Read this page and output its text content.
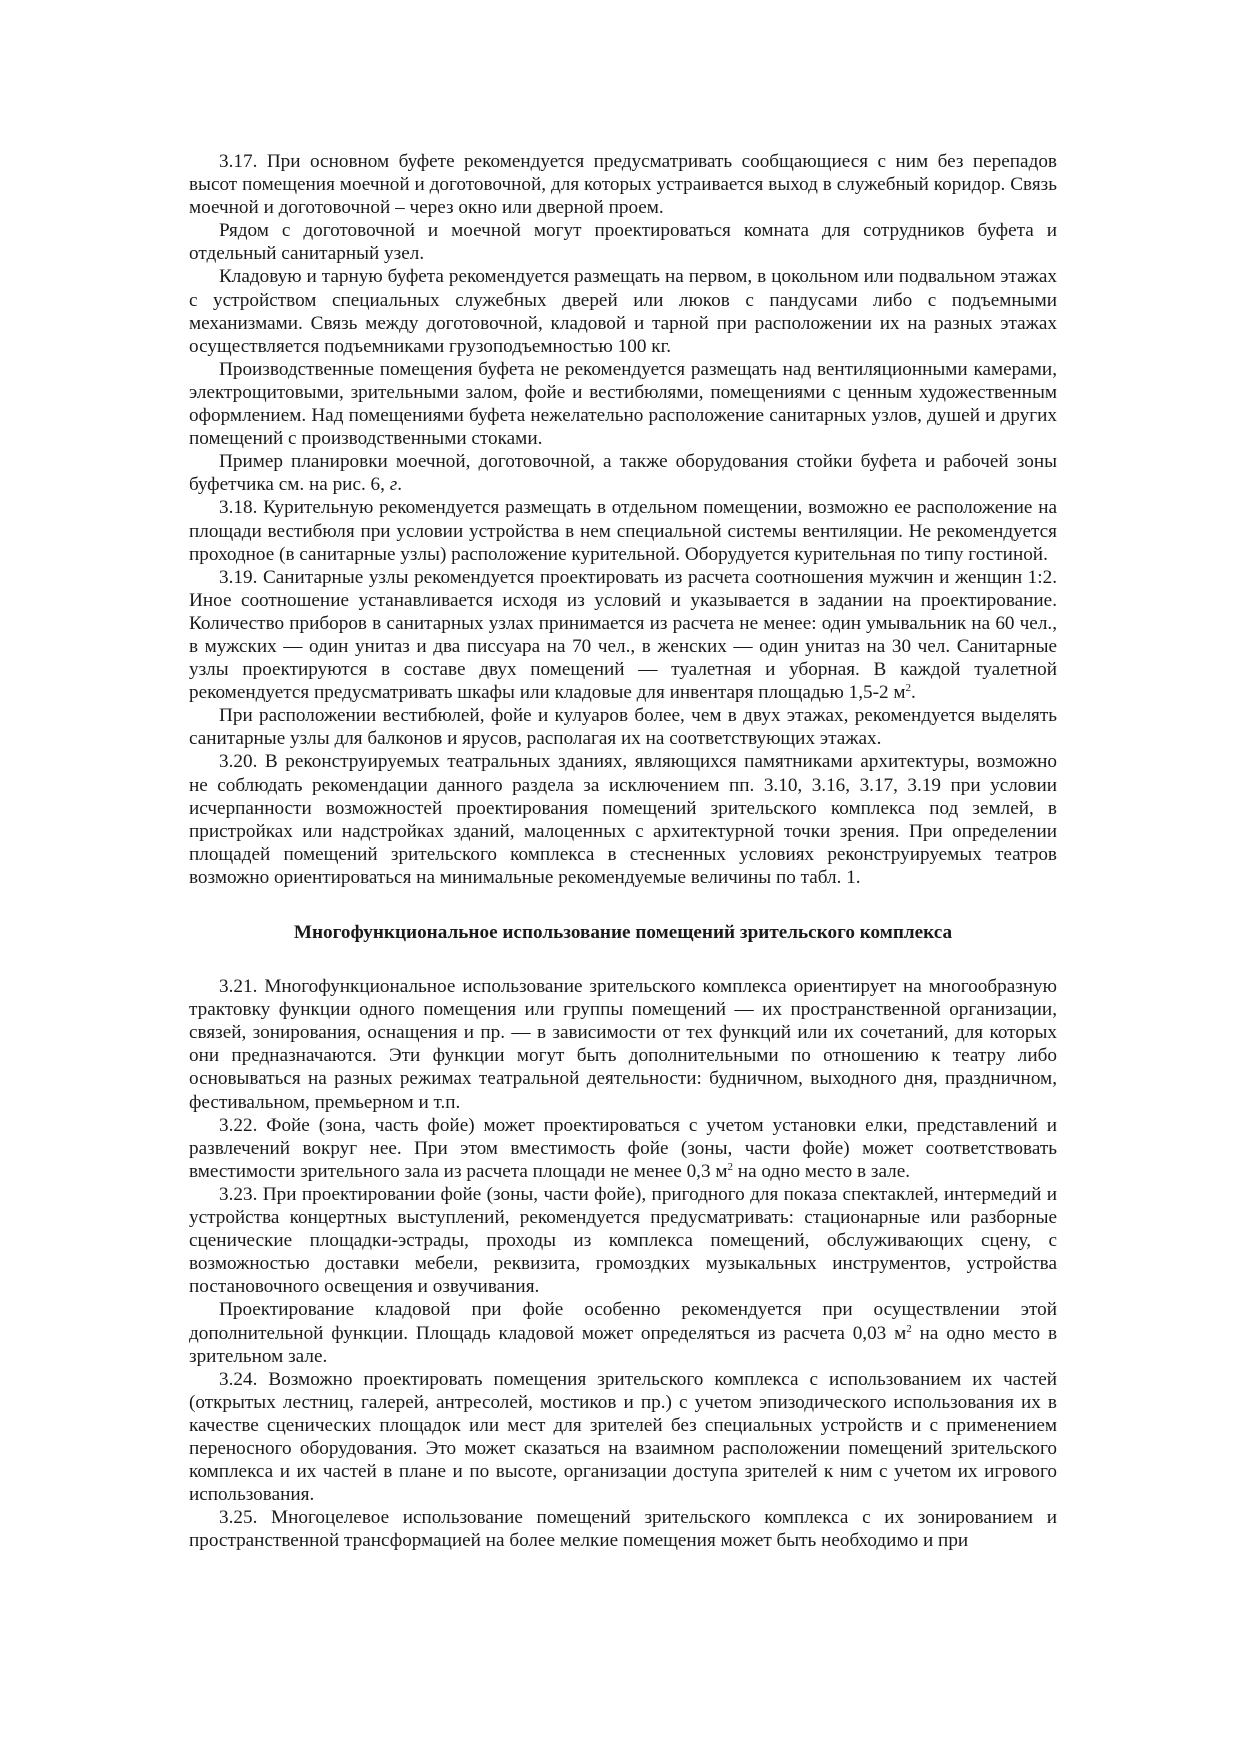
3.17. При основном буфете рекомендуется предусматривать сообщающиеся с ним без перепадов высот помещения моечной и доготовочной, для которых устраивается выход в служебный коридор. Связь моечной и доготовочной – через окно или дверной проем.

Рядом с доготовочной и моечной могут проектироваться комната для сотрудников буфета и отдельный санитарный узел.

Кладовую и тарную буфета рекомендуется размещать на первом, в цокольном или подвальном этажах с устройством специальных служебных дверей или люков с пандусами либо с подъемными механизмами. Связь между доготовочной, кладовой и тарной при расположении их на разных этажах осуществляется подъемниками грузоподъемностью 100 кг.

Производственные помещения буфета не рекомендуется размещать над вентиляционными камерами, электрощитовыми, зрительными залом, фойе и вестибюлями, помещениями с ценным художественным оформлением. Над помещениями буфета нежелательно расположение санитарных узлов, душей и других помещений с производственными стоками.

Пример планировки моечной, доготовочной, а также оборудования стойки буфета и рабочей зоны буфетчика см. на рис. 6, г.

3.18. Курительную рекомендуется размещать в отдельном помещении, возможно ее расположение на площади вестибюля при условии устройства в нем специальной системы вентиляции. Не рекомендуется проходное (в санитарные узлы) расположение курительной. Оборудуется курительная по типу гостиной.

3.19. Санитарные узлы рекомендуется проектировать из расчета соотношения мужчин и женщин 1:2. Иное соотношение устанавливается исходя из условий и указывается в задании на проектирование. Количество приборов в санитарных узлах принимается из расчета не менее: один умывальник на 60 чел., в мужских — один унитаз и два писсуара на 70 чел., в женских — один унитаз на 30 чел. Санитарные узлы проектируются в составе двух помещений — туалетная и уборная. В каждой туалетной рекомендуется предусматривать шкафы или кладовые для инвентаря площадью 1,5-2 $м^2$.

При расположении вестибюлей, фойе и кулуаров более, чем в двух этажах, рекомендуется выделять санитарные узлы для балконов и ярусов, располагая их на соответствующих этажах.

3.20. В реконструируемых театральных зданиях, являющихся памятниками архитектуры, возможно не соблюдать рекомендации данного раздела за исключением пп. 3.10, 3.16, 3.17, 3.19 при условии исчерпанности возможностей проектирования помещений зрительского комплекса под землей, в пристройках или надстройках зданий, малоценных с архитектурной точки зрения. При определении площадей помещений зрительского комплекса в стесненных условиях реконструируемых театров возможно ориентироваться на минимальные рекомендуемые величины по табл. 1.

Многофункциональное использование помещений зрительского комплекса

3.21. Многофункциональное использование зрительского комплекса ориентирует на многообразную трактовку функции одного помещения или группы помещений — их пространственной организации, связей, зонирования, оснащения и пр. — в зависимости от тех функций или их сочетаний, для которых они предназначаются. Эти функции могут быть дополнительными по отношению к театру либо основываться на разных режимах театральной деятельности: будничном, выходного дня, праздничном, фестивальном, премьерном и т.п.

3.22. Фойе (зона, часть фойе) может проектироваться с учетом установки елки, представлений и развлечений вокруг нее. При этом вместимость фойе (зоны, части фойе) может соответствовать вместимости зрительного зала из расчета площади не менее 0,3 $м^2$ на одно место в зале.

3.23. При проектировании фойе (зоны, части фойе), пригодного для показа спектаклей, интермедий и устройства концертных выступлений, рекомендуется предусматривать: стационарные или разборные сценические площадки-эстрады, проходы из комплекса помещений, обслуживающих сцену, с возможностью доставки мебели, реквизита, громоздких музыкальных инструментов, устройства постановочного освещения и озвучивания.

Проектирование кладовой при фойе особенно рекомендуется при осуществлении этой дополнительной функции. Площадь кладовой может определяться из расчета 0,03 $м^2$ на одно место в зрительном зале.

3.24. Возможно проектировать помещения зрительского комплекса с использованием их частей (открытых лестниц, галерей, антресолей, мостиков и пр.) с учетом эпизодического использования их в качестве сценических площадок или мест для зрителей без специальных устройств и с применением переносного оборудования. Это может сказаться на взаимном расположении помещений зрительского комплекса и их частей в плане и по высоте, организации доступа зрителей к ним с учетом их игрового использования.

3.25. Многоцелевое использование помещений зрительского комплекса с их зонированием и пространственной трансформацией на более мелкие помещения может быть необходимо и при
